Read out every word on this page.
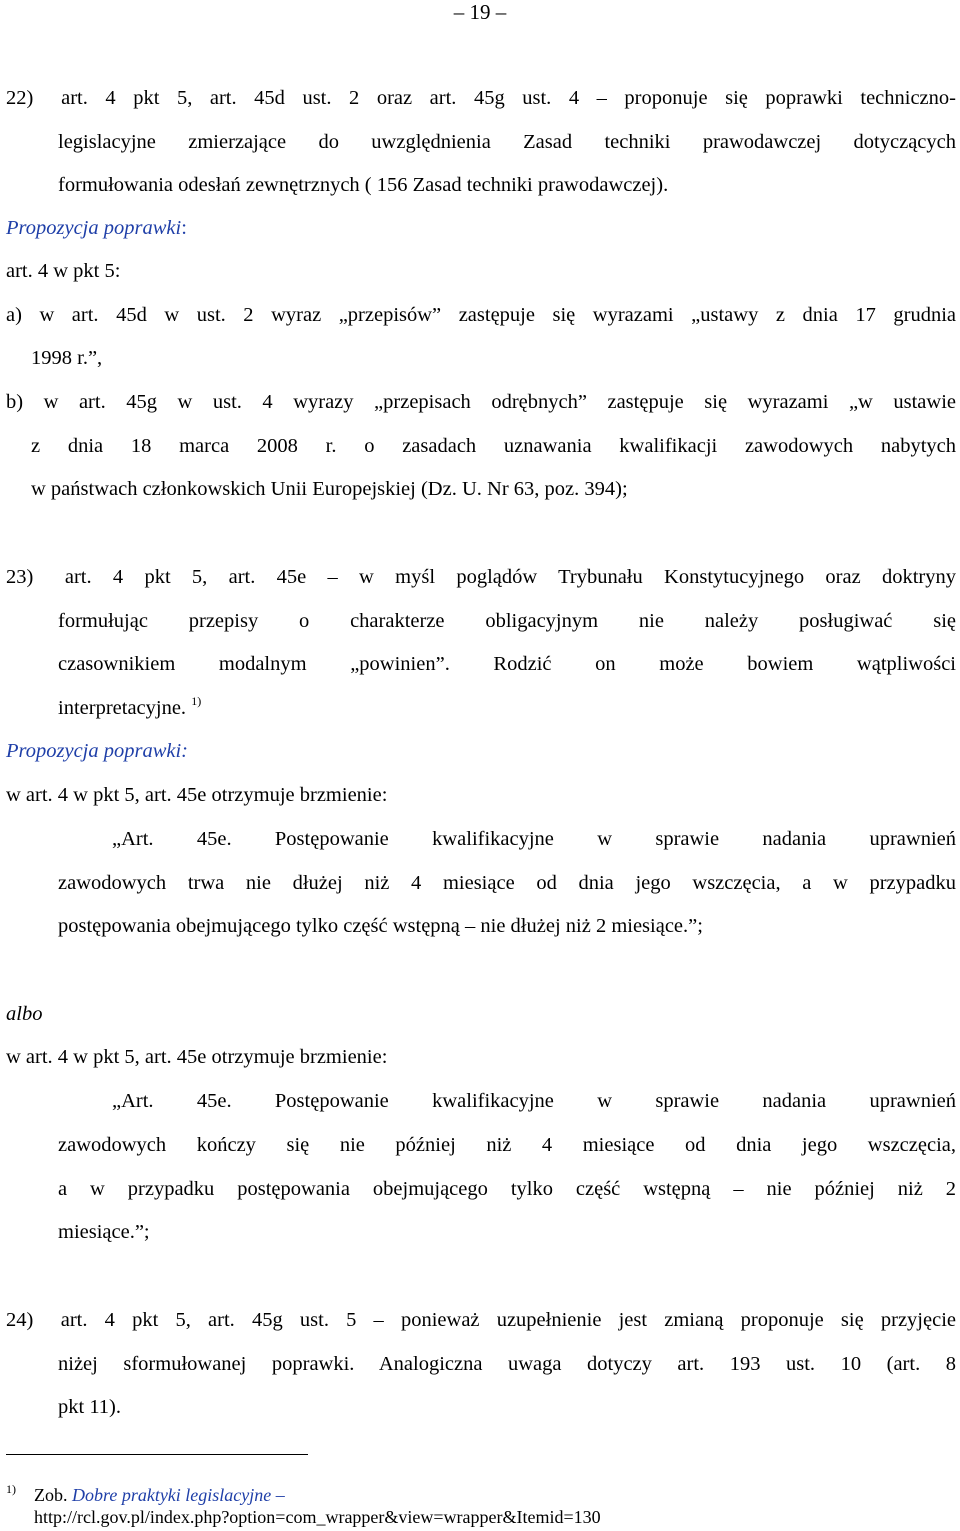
– 19 –
22)  art. 4 pkt 5, art. 45d ust. 2 oraz art. 45g ust. 4 – proponuje się poprawki techniczno-
legislacyjne zmierzające do uwzględnienia Zasad techniki prawodawczej dotyczących
formułowania odesłań zewnętrznych ( 156 Zasad techniki prawodawczej).
Propozycja poprawki:
art. 4 w pkt 5:
a) w art. 45d w ust. 2 wyraz „przepisów” zastępuje się wyrazami „ustawy z dnia 17 grudnia
1998 r.”,
b) w art. 45g w ust. 4 wyrazy „przepisach odrębnych” zastępuje się wyrazami „w ustawie
z dnia 18 marca 2008 r. o zasadach uznawania kwalifikacji zawodowych nabytych
w państwach członkowskich Unii Europejskiej (Dz. U. Nr 63, poz. 394);
23)  art. 4 pkt 5, art. 45e – w myśl poglądów Trybunału Konstytucyjnego oraz doktryny
formułując przepisy o charakterze obligacyjnym nie należy posługiwać się
czasownikiem modalnym „powinien”. Rodzić on może bowiem wątpliwości
interpretacyjne. $^{1)}$
Propozycja poprawki:
w art. 4 w pkt 5, art. 45e otrzymuje brzmienie:
„Art. 45e. Postępowanie kwalifikacyjne w sprawie nadania uprawnień
zawodowych trwa nie dłużej niż 4 miesiące od dnia jego wszczęcia, a w przypadku
postępowania obejmującego tylko część wstępną – nie dłużej niż 2 miesiące.”;
albo
w art. 4 w pkt 5, art. 45e otrzymuje brzmienie:
„Art. 45e. Postępowanie kwalifikacyjne w sprawie nadania uprawnień
zawodowych kończy się nie później niż 4 miesiące od dnia jego wszczęcia,
a w przypadku postępowania obejmującego tylko część wstępną – nie później niż 2
miesiące.”;
24)  art. 4 pkt 5, art. 45g ust. 5 – ponieważ uzupełnienie jest zmianą proponuje się przyjęcie
niżej sformułowanej poprawki. Analogiczna uwaga dotyczy art. 193 ust. 10 (art. 8
pkt 11).
1) Zob. Dobre praktyki legislacyjne –
http://rcl.gov.pl/index.php?option=com_wrapper&view=wrapper&Itemid=130
